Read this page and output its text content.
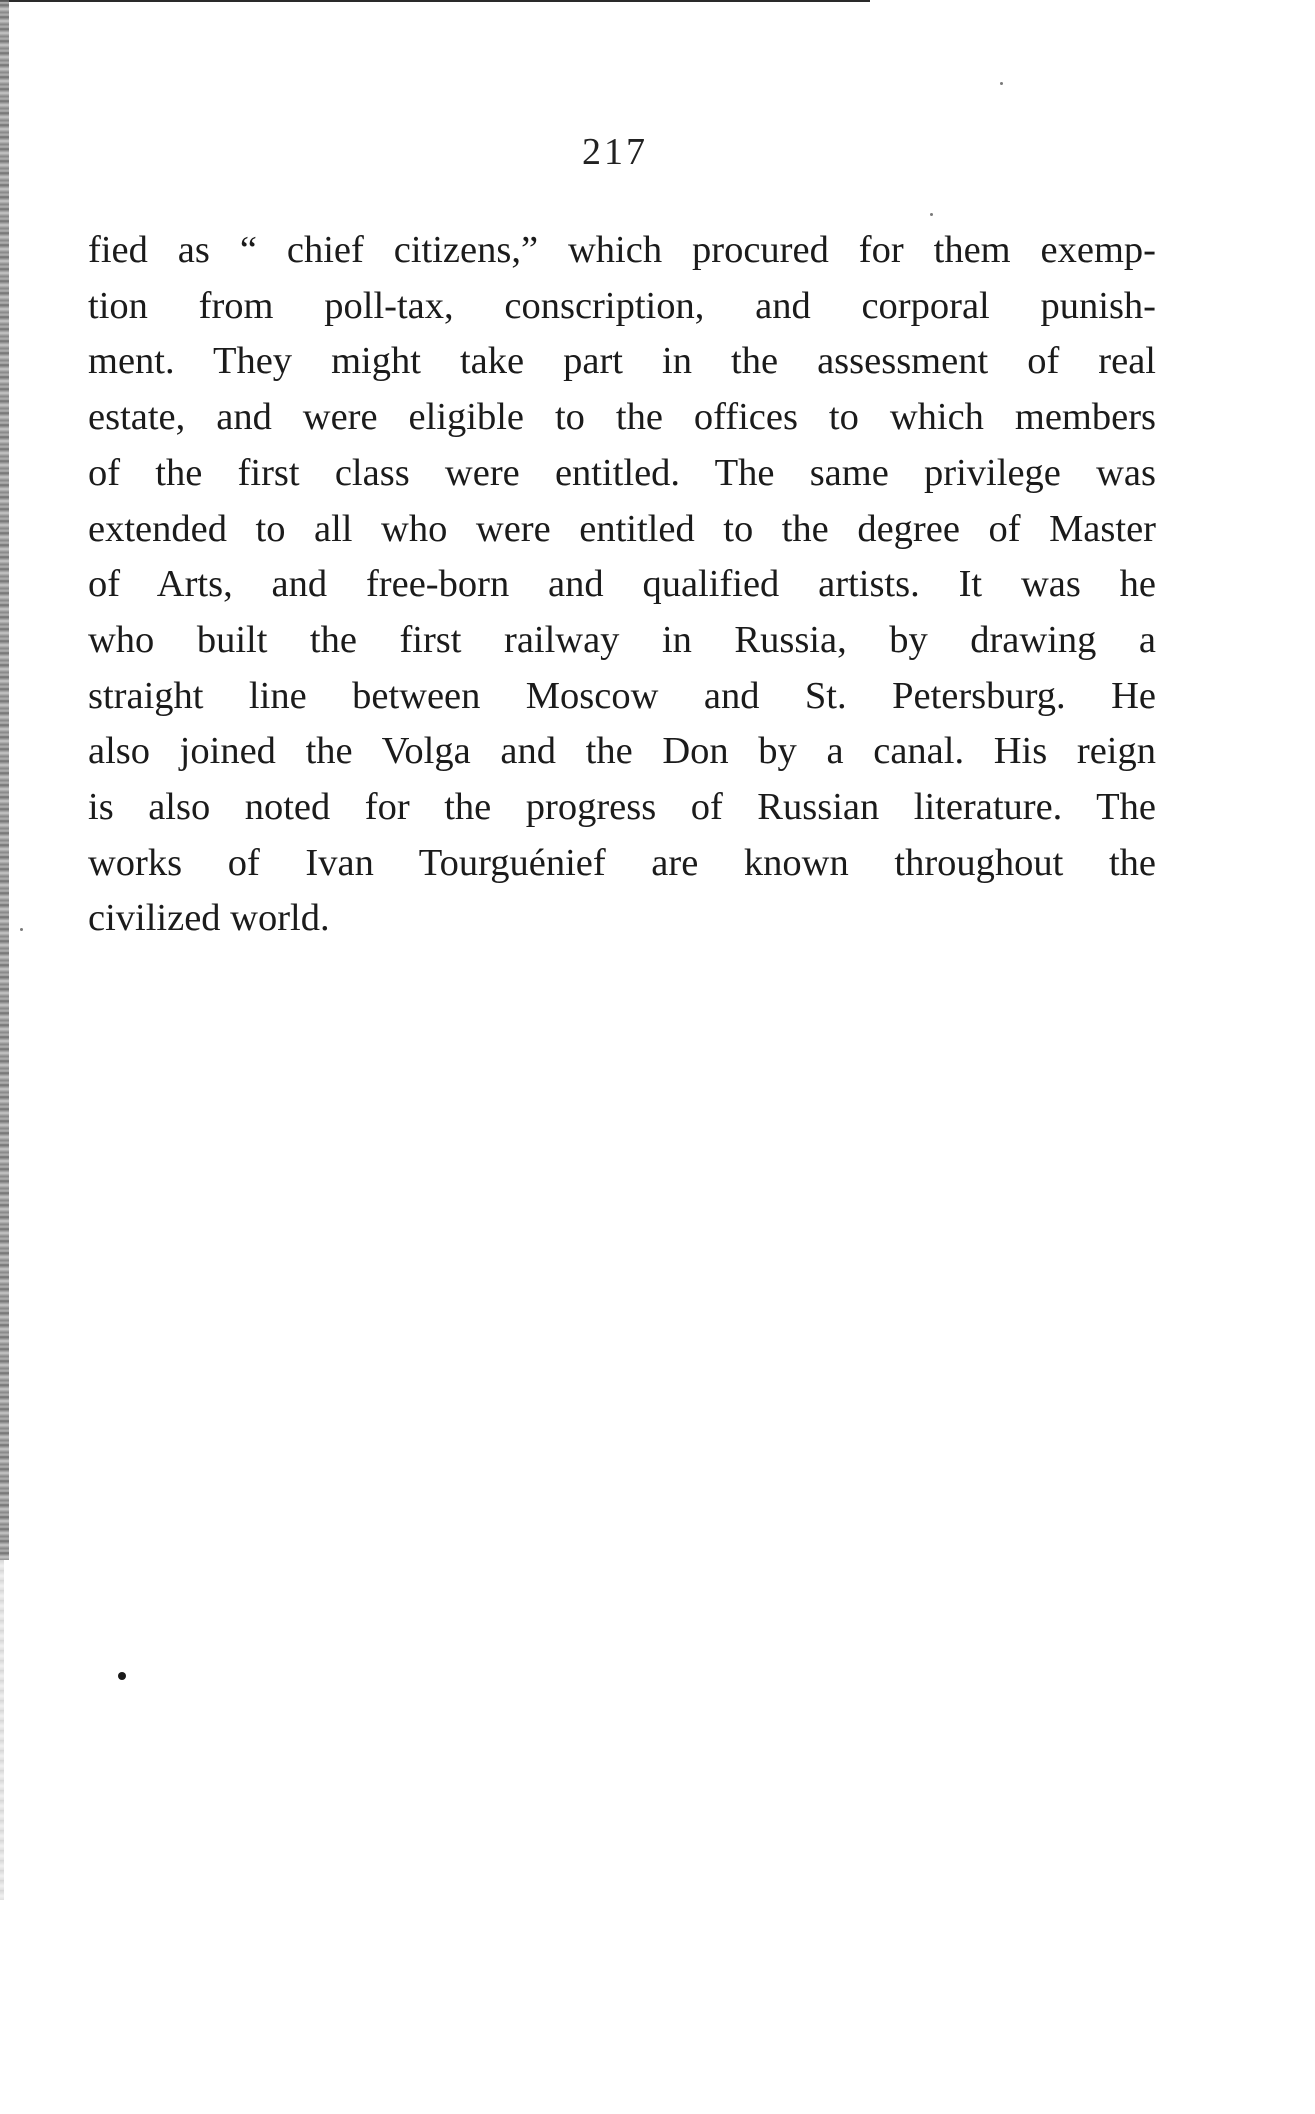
217

fied as “ chief citizens,” which procured for them exemp-
tion from poll-tax, conscription, and corporal punish-
ment. They might take part in the assessment of real
estate, and were eligible to the offices to which members
of the first class were entitled. The same privilege was
extended to all who were entitled to the degree of Master
of Arts, and free-born and qualified artists. It was he
who built the first railway in Russia, by drawing a
straight line between Moscow and St. Petersburg. He
also joined the Volga and the Don by a canal. His reign
is also noted for the progress of Russian literature. The
works of Ivan Tourguénief are known throughout the
civilized world.
